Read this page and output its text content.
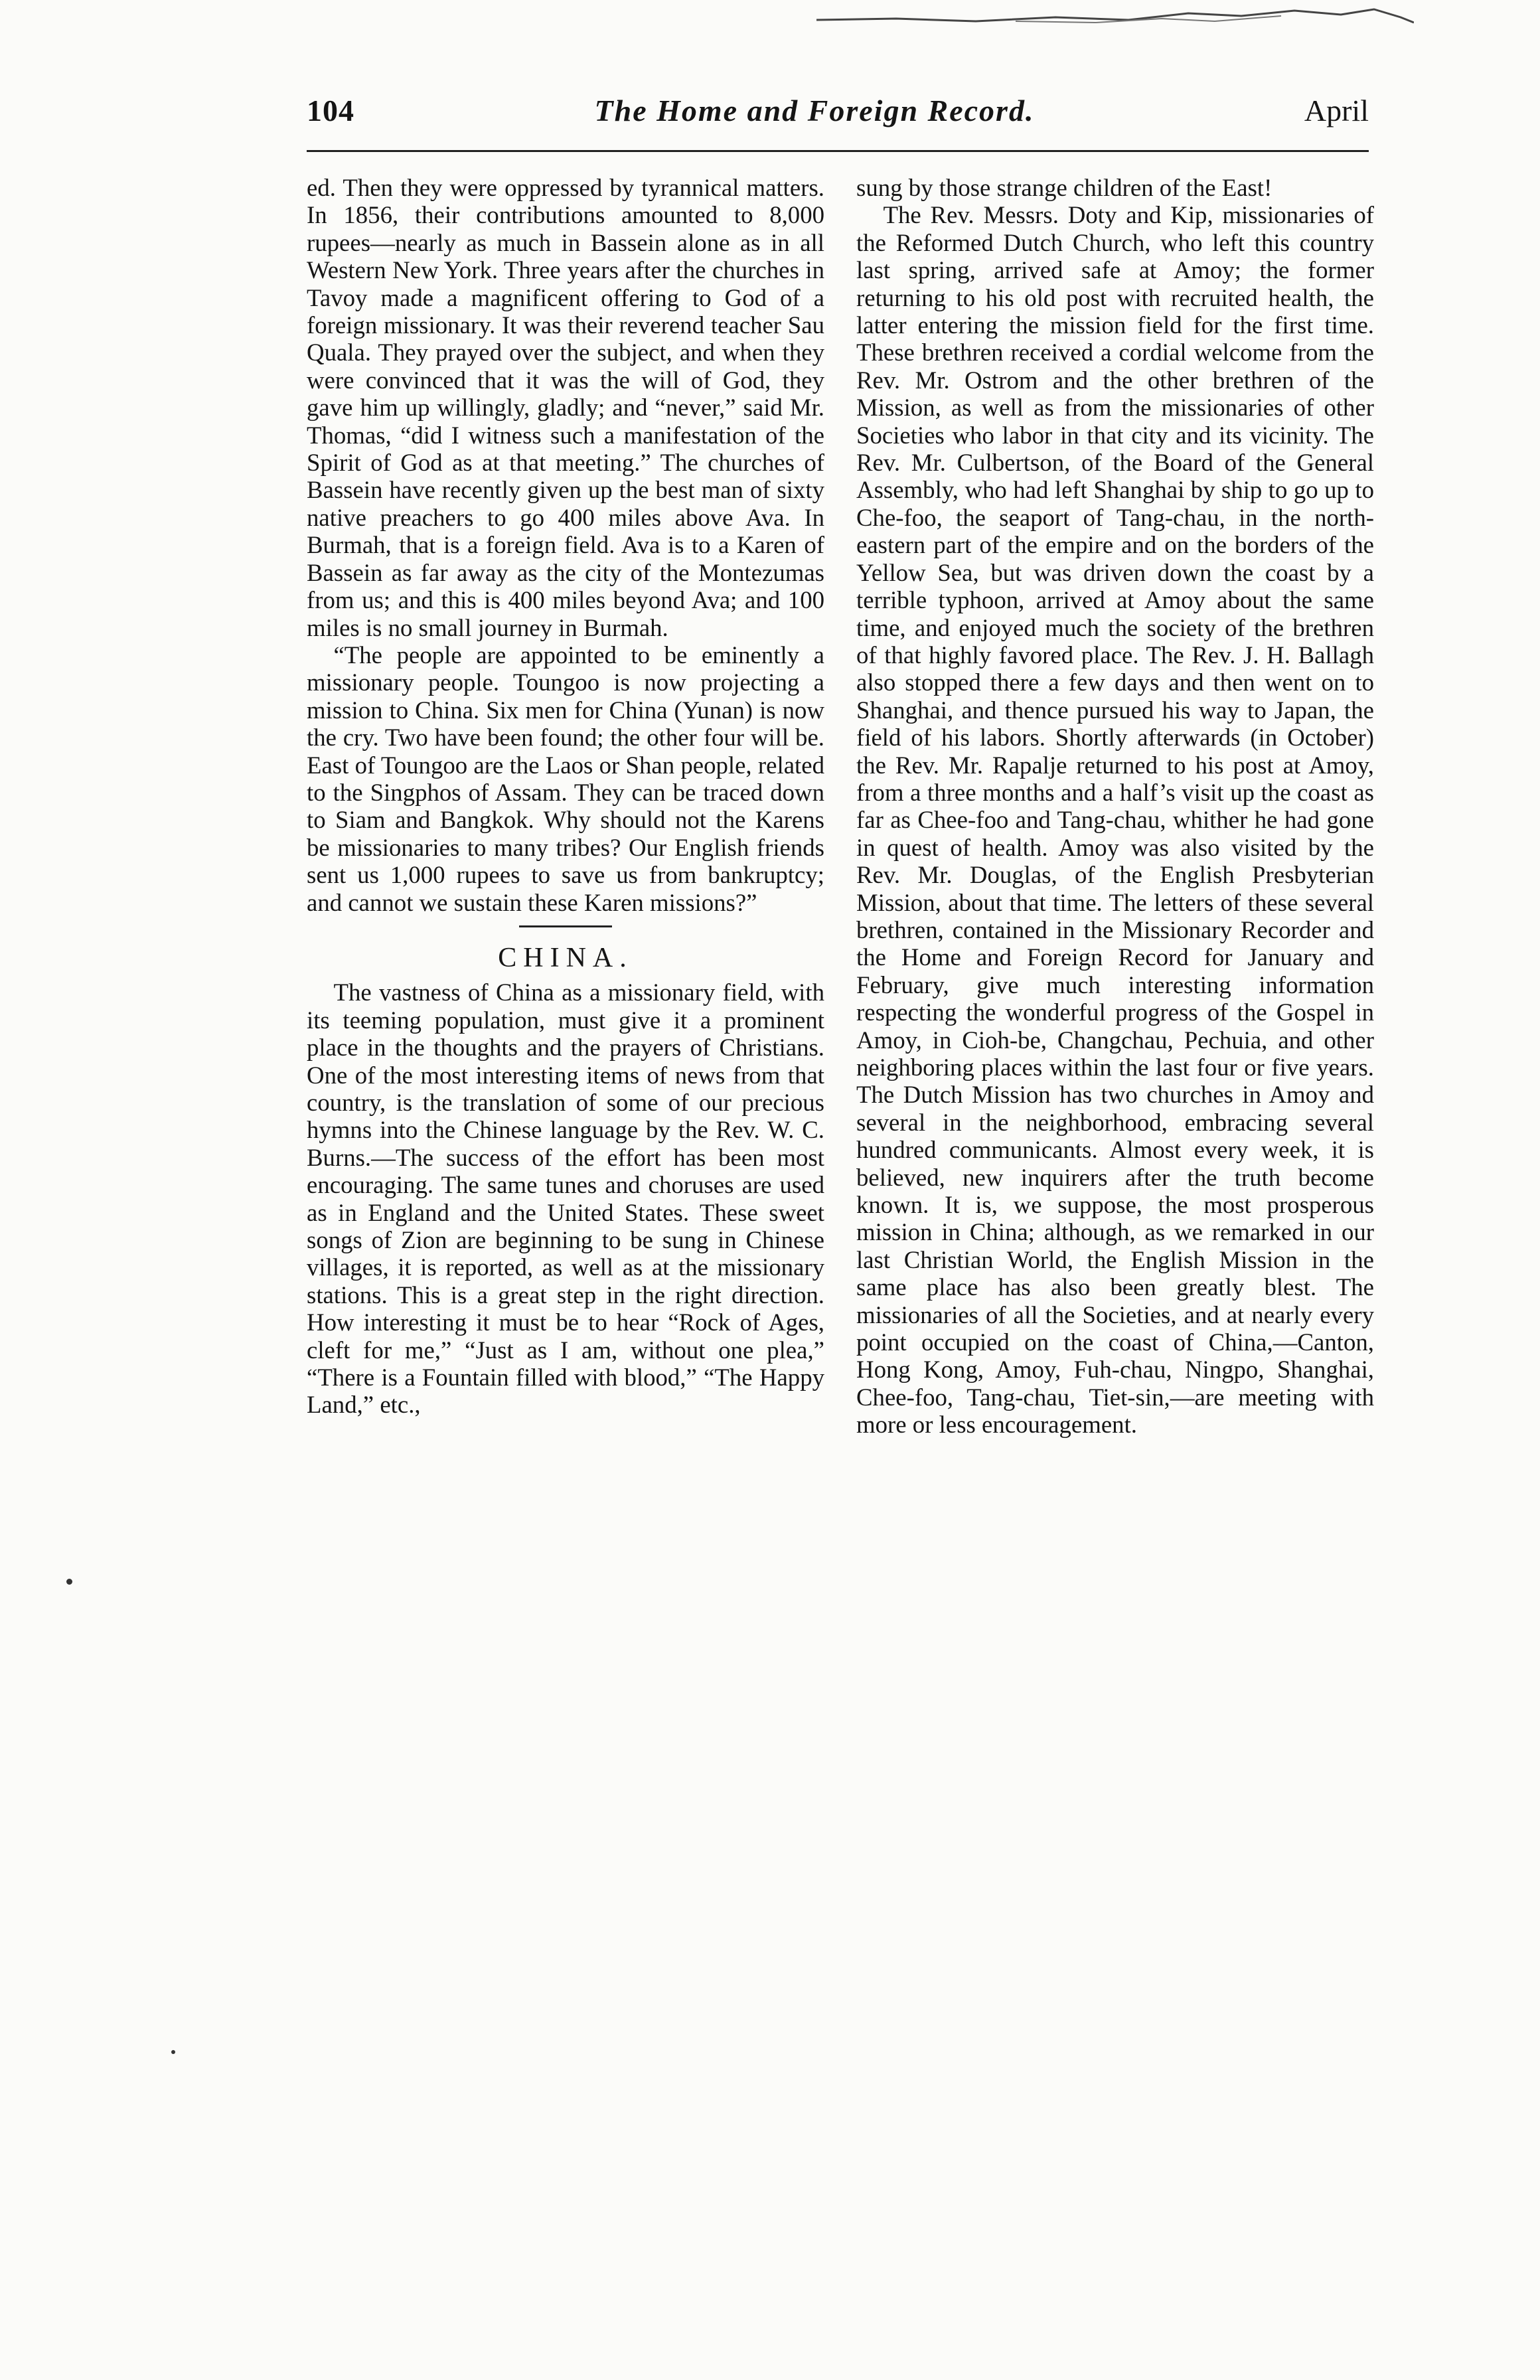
104	The Home and Foreign Record.	April

ed. Then they were oppressed by tyrannical matters. In 1856, their contributions amounted to 8,000 rupees—nearly as much in Bassein alone as in all Western New York. Three years after the churches in Tavoy made a magnificent offering to God of a foreign missionary. It was their reverend teacher Sau Quala. They prayed over the subject, and when they were convinced that it was the will of God, they gave him up willingly, gladly; and “never,” said Mr. Thomas, “did I witness such a manifestation of the Spirit of God as at that meeting.” The churches of Bassein have recently given up the best man of sixty native preachers to go 400 miles above Ava. In Burmah, that is a foreign field. Ava is to a Karen of Bassein as far away as the city of the Montezumas from us; and this is 400 miles beyond Ava; and 100 miles is no small journey in Burmah.

“The people are appointed to be eminently a missionary people. Toungoo is now projecting a mission to China. Six men for China (Yunan) is now the cry. Two have been found; the other four will be. East of Toungoo are the Laos or Shan people, related to the Singphos of Assam. They can be traced down to Siam and Bangkok. Why should not the Karens be missionaries to many tribes? Our English friends sent us 1,000 rupees to save us from bankruptcy; and cannot we sustain these Karen missions?”

CHINA.

The vastness of China as a missionary field, with its teeming population, must give it a prominent place in the thoughts and the prayers of Christians. One of the most interesting items of news from that country, is the translation of some of our precious hymns into the Chinese language by the Rev. W. C. Burns.—The success of the effort has been most encouraging. The same tunes and choruses are used as in England and the United States. These sweet songs of Zion are beginning to be sung in Chinese villages, it is reported, as well as at the missionary stations. This is a great step in the right direction. How interesting it must be to hear “Rock of Ages, cleft for me,” “Just as I am, without one plea,” “There is a Fountain filled with blood,” “The Happy Land,” etc.,

sung by those strange children of the East!

The Rev. Messrs. Doty and Kip, missionaries of the Reformed Dutch Church, who left this country last spring, arrived safe at Amoy; the former returning to his old post with recruited health, the latter entering the mission field for the first time. These brethren received a cordial welcome from the Rev. Mr. Ostrom and the other brethren of the Mission, as well as from the missionaries of other Societies who labor in that city and its vicinity. The Rev. Mr. Culbertson, of the Board of the General Assembly, who had left Shanghai by ship to go up to Che-foo, the seaport of Tang-chau, in the north-eastern part of the empire and on the borders of the Yellow Sea, but was driven down the coast by a terrible typhoon, arrived at Amoy about the same time, and enjoyed much the society of the brethren of that highly favored place. The Rev. J. H. Ballagh also stopped there a few days and then went on to Shanghai, and thence pursued his way to Japan, the field of his labors. Shortly afterwards (in October) the Rev. Mr. Rapalje returned to his post at Amoy, from a three months and a half’s visit up the coast as far as Chee-foo and Tang-chau, whither he had gone in quest of health. Amoy was also visited by the Rev. Mr. Douglas, of the English Presbyterian Mission, about that time. The letters of these several brethren, contained in the Missionary Recorder and the Home and Foreign Record for January and February, give much interesting information respecting the wonderful progress of the Gospel in Amoy, in Cioh-be, Changchau, Pechuia, and other neighboring places within the last four or five years. The Dutch Mission has two churches in Amoy and several in the neighborhood, embracing several hundred communicants. Almost every week, it is believed, new inquirers after the truth become known. It is, we suppose, the most prosperous mission in China; although, as we remarked in our last Christian World, the English Mission in the same place has also been greatly blest. The missionaries of all the Societies, and at nearly every point occupied on the coast of China,—Canton, Hong Kong, Amoy, Fuh-chau, Ningpo, Shanghai, Chee-foo, Tang-chau, Tiet-sin,—are meeting with more or less encouragement.
